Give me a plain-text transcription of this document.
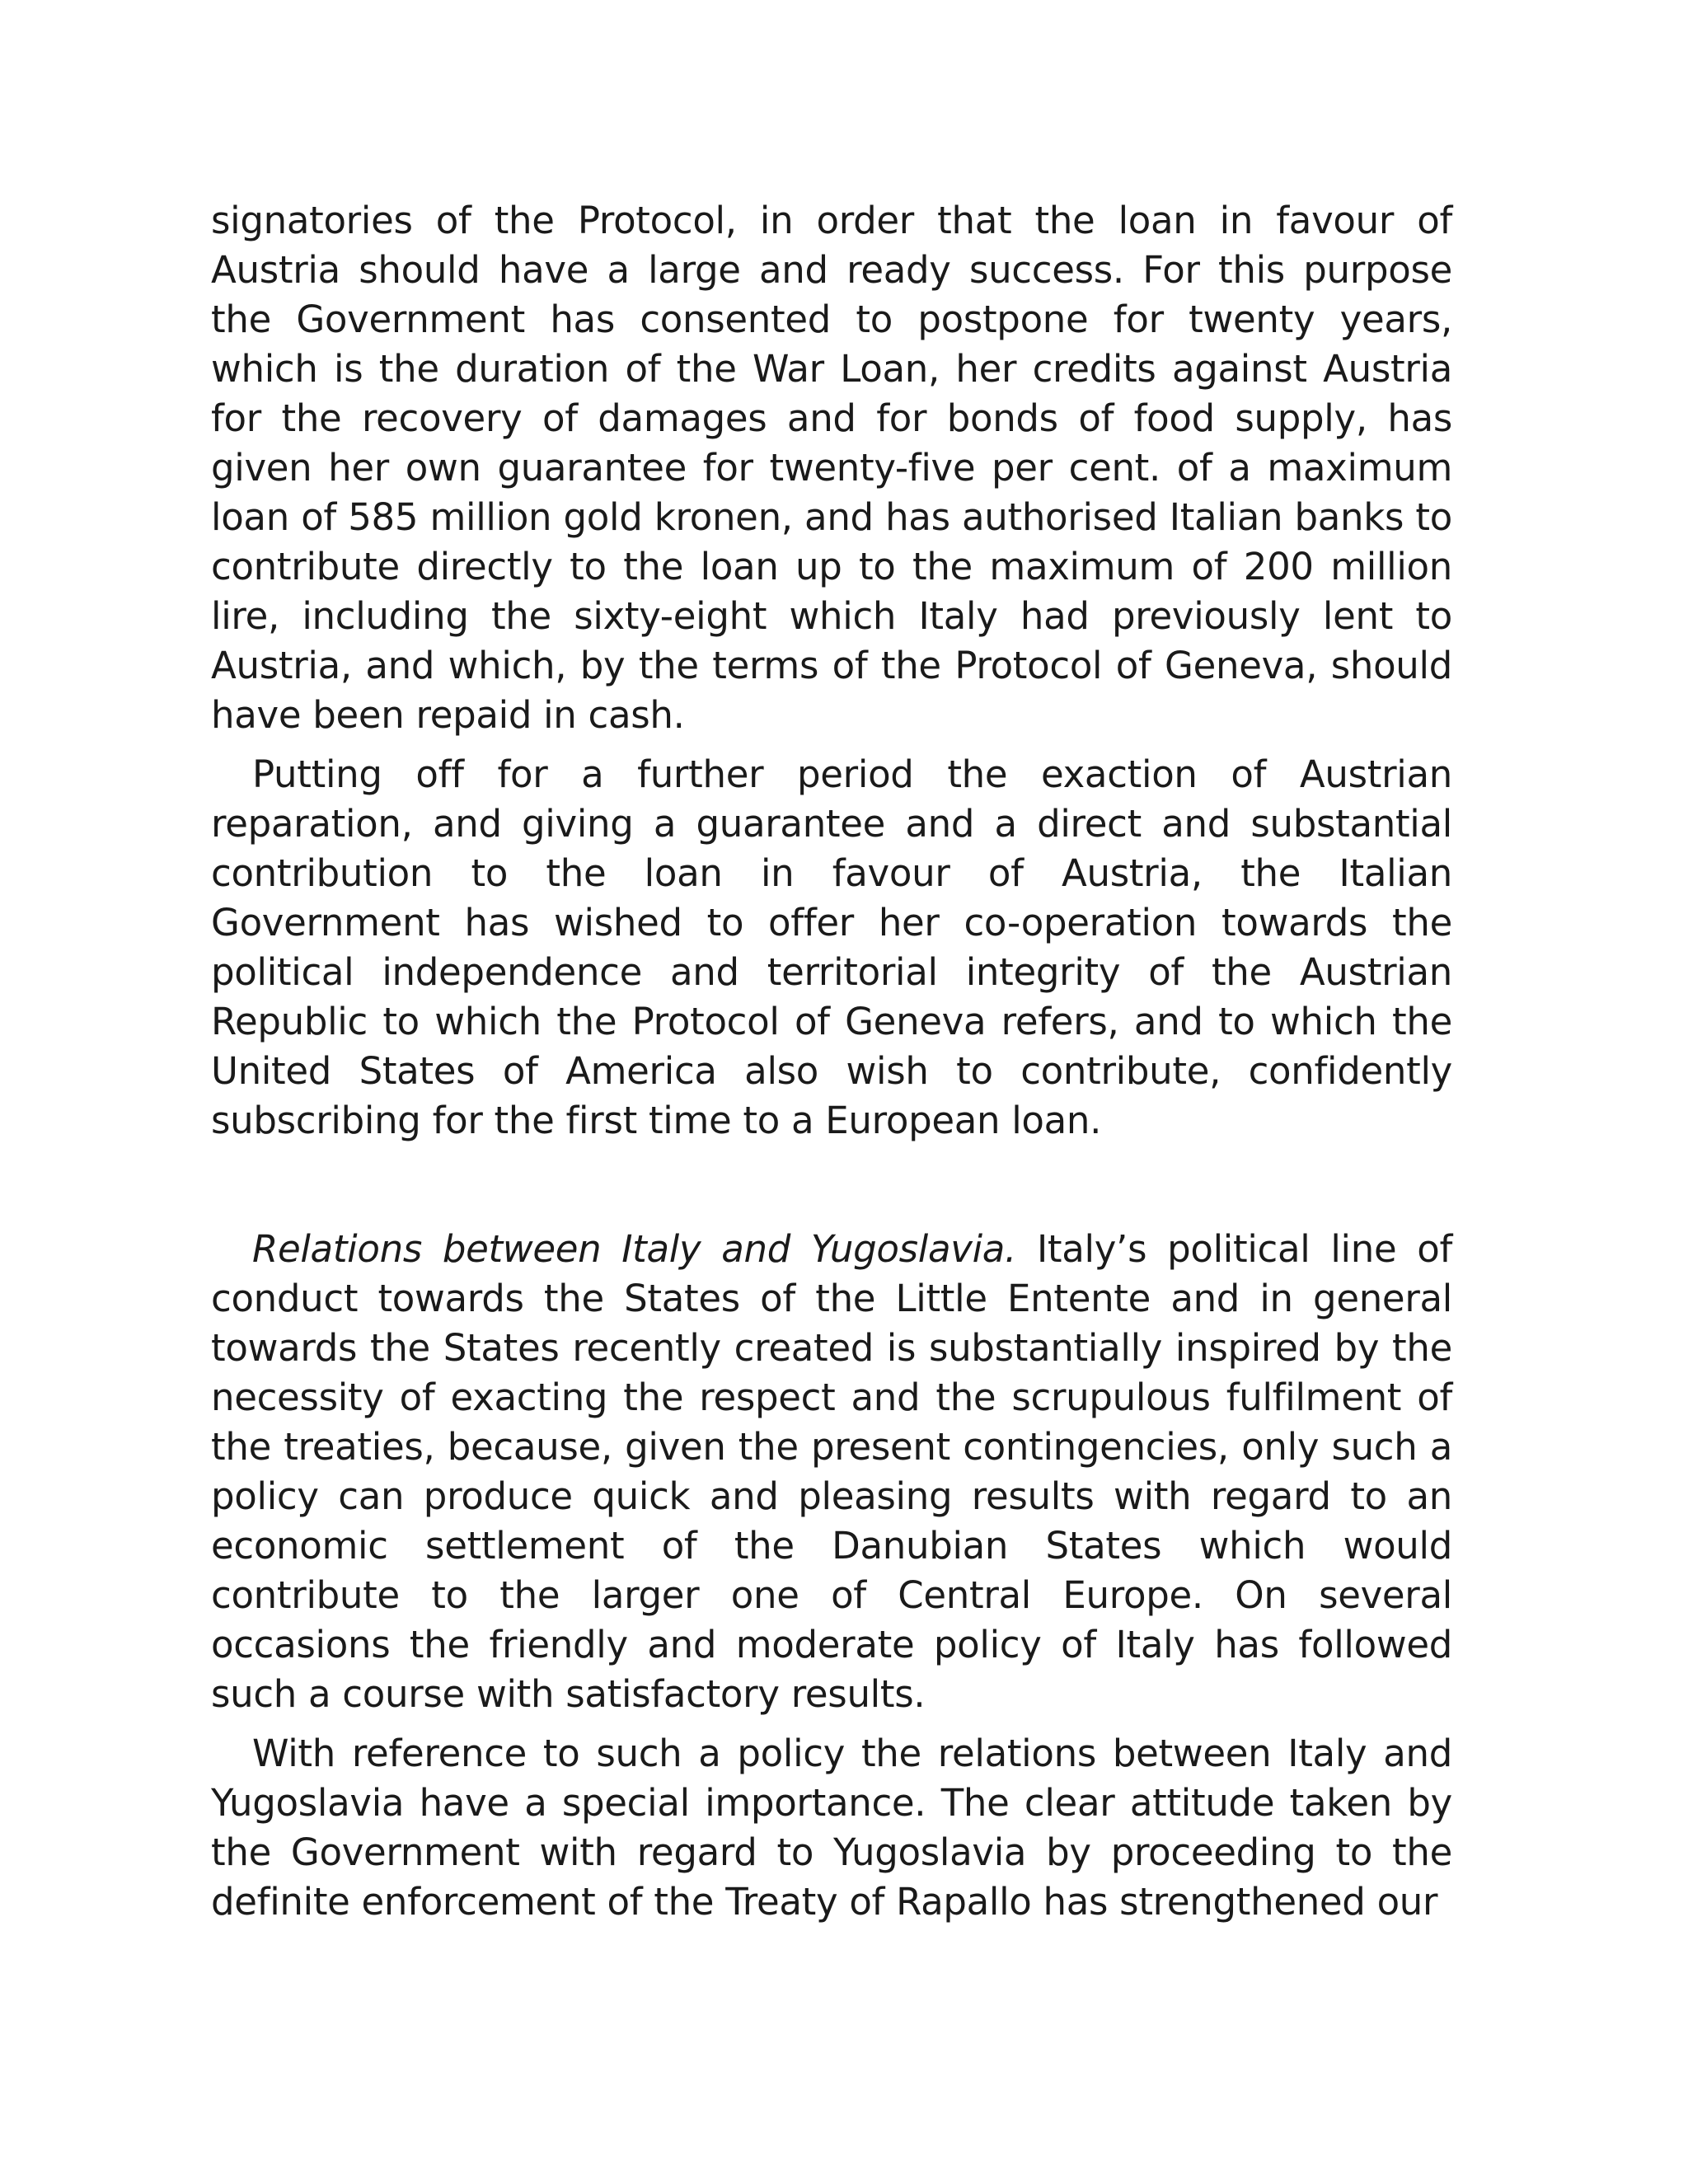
signatories of the Protocol, in order that the loan in favour of Austria should have a large and ready success. For this purpose the Government has consented to postpone for twenty years, which is the duration of the War Loan, her credits against Austria for the recovery of damages and for bonds of food supply, has given her own guarantee for twenty-five per cent. of a maximum loan of 585 million gold kronen, and has authorised Italian banks to contribute directly to the loan up to the maximum of 200 million lire, including the sixty-eight which Italy had previously lent to Austria, and which, by the terms of the Protocol of Geneva, should have been repaid in cash.

Putting off for a further period the exaction of Austrian reparation, and giving a guarantee and a direct and substantial contribution to the loan in favour of Austria, the Italian Government has wished to offer her co-operation towards the political independence and territorial integrity of the Austrian Republic to which the Protocol of Geneva refers, and to which the United States of America also wish to contribute, confidently subscribing for the first time to a European loan.

Relations between Italy and Yugoslavia. Italy’s political line of conduct towards the States of the Little Entente and in general towards the States recently created is substantially inspired by the necessity of exacting the respect and the scrupulous fulfilment of the treaties, because, given the present contingencies, only such a policy can produce quick and pleasing results with regard to an economic settlement of the Danubian States which would contribute to the larger one of Central Europe. On several occasions the friendly and moderate policy of Italy has followed such a course with satisfactory results.

With reference to such a policy the relations between Italy and Yugoslavia have a special importance. The clear attitude taken by the Government with regard to Yugoslavia by proceeding to the definite enforcement of the Treaty of Rapallo has strengthened our
